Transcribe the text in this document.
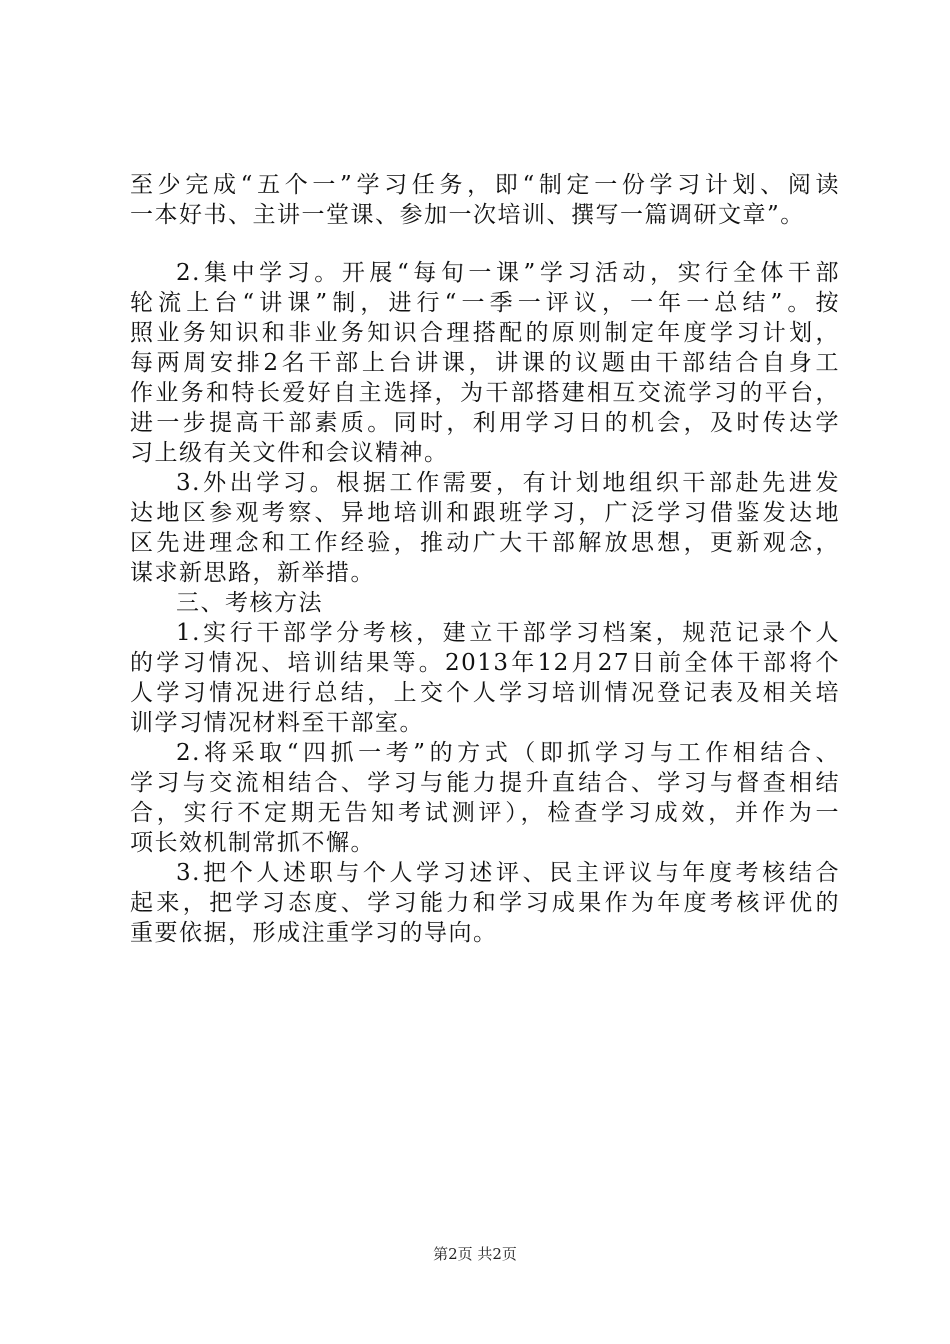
至少完成“五个一”学习任务，即“制定一份学习计划、阅读
一本好书、主讲一堂课、参加一次培训、撰写一篇调研文章”。
2.集中学习。开展“每旬一课”学习活动，实行全体干部
轮流上台“讲课”制，进行“一季一评议，一年一总结”。按
照业务知识和非业务知识合理搭配的原则制定年度学习计划，
每两周安排2名干部上台讲课，讲课的议题由干部结合自身工
作业务和特长爱好自主选择，为干部搭建相互交流学习的平台，
进一步提高干部素质。同时，利用学习日的机会，及时传达学
习上级有关文件和会议精神。
3.外出学习。根据工作需要，有计划地组织干部赴先进发
达地区参观考察、异地培训和跟班学习，广泛学习借鉴发达地
区先进理念和工作经验，推动广大干部解放思想，更新观念，
谋求新思路，新举措。
三、考核方法
1.实行干部学分考核，建立干部学习档案，规范记录个人
的学习情况、培训结果等。2013年12月27日前全体干部将个
人学习情况进行总结，上交个人学习培训情况登记表及相关培
训学习情况材料至干部室。
2.将采取“四抓一考”的方式（即抓学习与工作相结合、
学习与交流相结合、学习与能力提升直结合、学习与督查相结
合，实行不定期无告知考试测评），检查学习成效，并作为一
项长效机制常抓不懈。
3.把个人述职与个人学习述评、民主评议与年度考核结合
起来，把学习态度、学习能力和学习成果作为年度考核评优的
重要依据，形成注重学习的导向。
第2页 共2页
